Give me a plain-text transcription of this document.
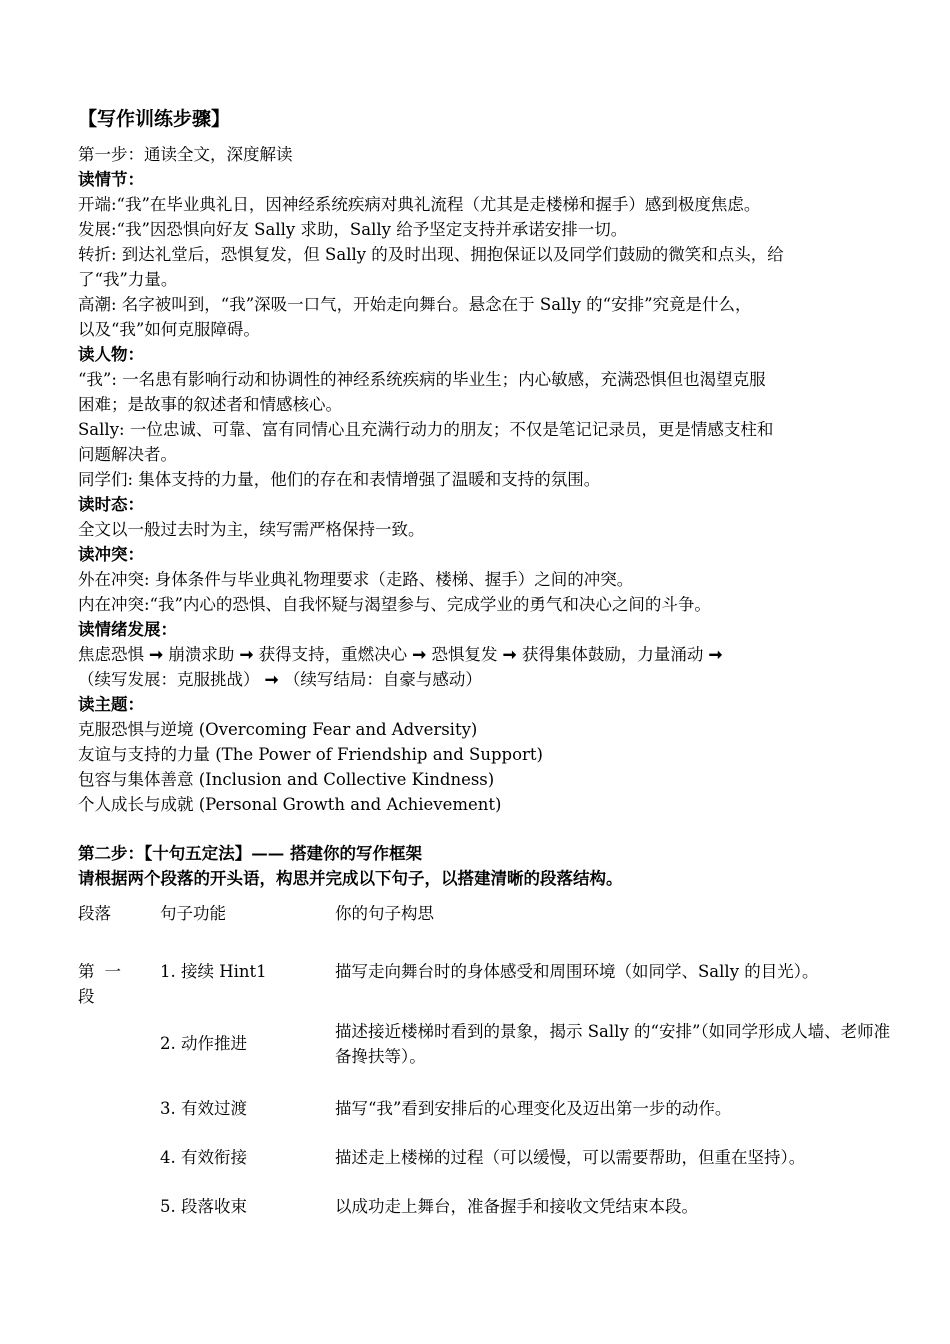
【写作训练步骤】
第一步：通读全文，深度解读
读情节：
开端:“我”在毕业典礼日，因神经系统疾病对典礼流程（尤其是走楼梯和握手）感到极度焦虑。
发展:“我”因恐惧向好友 Sally 求助，Sally 给予坚定支持并承诺安排一切。
转折: 到达礼堂后，恐惧复发，但 Sally 的及时出现、拥抱保证以及同学们鼓励的微笑和点头，给
了“我”力量。
高潮: 名字被叫到，“我”深吸一口气，开始走向舞台。悬念在于 Sally 的“安排”究竟是什么，
以及“我”如何克服障碍。
读人物：
“我”: 一名患有影响行动和协调性的神经系统疾病的毕业生；内心敏感，充满恐惧但也渴望克服
困难；是故事的叙述者和情感核心。
Sally: 一位忠诚、可靠、富有同情心且充满行动力的朋友；不仅是笔记记录员，更是情感支柱和
问题解决者。
同学们: 集体支持的力量，他们的存在和表情增强了温暖和支持的氛围。
读时态：
全文以一般过去时为主，续写需严格保持一致。
读冲突：
外在冲突: 身体条件与毕业典礼物理要求（走路、楼梯、握手）之间的冲突。
内在冲突:“我”内心的恐惧、自我怀疑与渴望参与、完成学业的勇气和决心之间的斗争。
读情绪发展：
焦虑恐惧 ➞ 崩溃求助 ➞ 获得支持，重燃决心 ➞ 恐惧复发 ➞ 获得集体鼓励，力量涌动 ➞
（续写发展：克服挑战） ➞ （续写结局：自豪与感动）
读主题：
克服恐惧与逆境 (Overcoming Fear and Adversity)
友谊与支持的力量 (The Power of Friendship and Support)
包容与集体善意 (Inclusion and Collective Kindness)
个人成长与成就 (Personal Growth and Achievement)
第二步：【十句五定法】—— 搭建你的写作框架
请根据两个段落的开头语，构思并完成以下句子，以搭建清晰的段落结构。
段落	句子功能	你的句子构思

第一段	1. 接续 Hint1	描写走向舞台时的身体感受和周围环境（如同学、Sally 的目光）。
	2. 动作推进	描述接近楼梯时看到的景象，揭示 Sally 的“安排”（如同学形成人墙、老师准备搀扶等）。
	3. 有效过渡	描写“我”看到安排后的心理变化及迈出第一步的动作。
	4. 有效衔接	描述走上楼梯的过程（可以缓慢，可以需要帮助，但重在坚持）。
	5. 段落收束	以成功走上舞台，准备握手和接收文凭结束本段。
